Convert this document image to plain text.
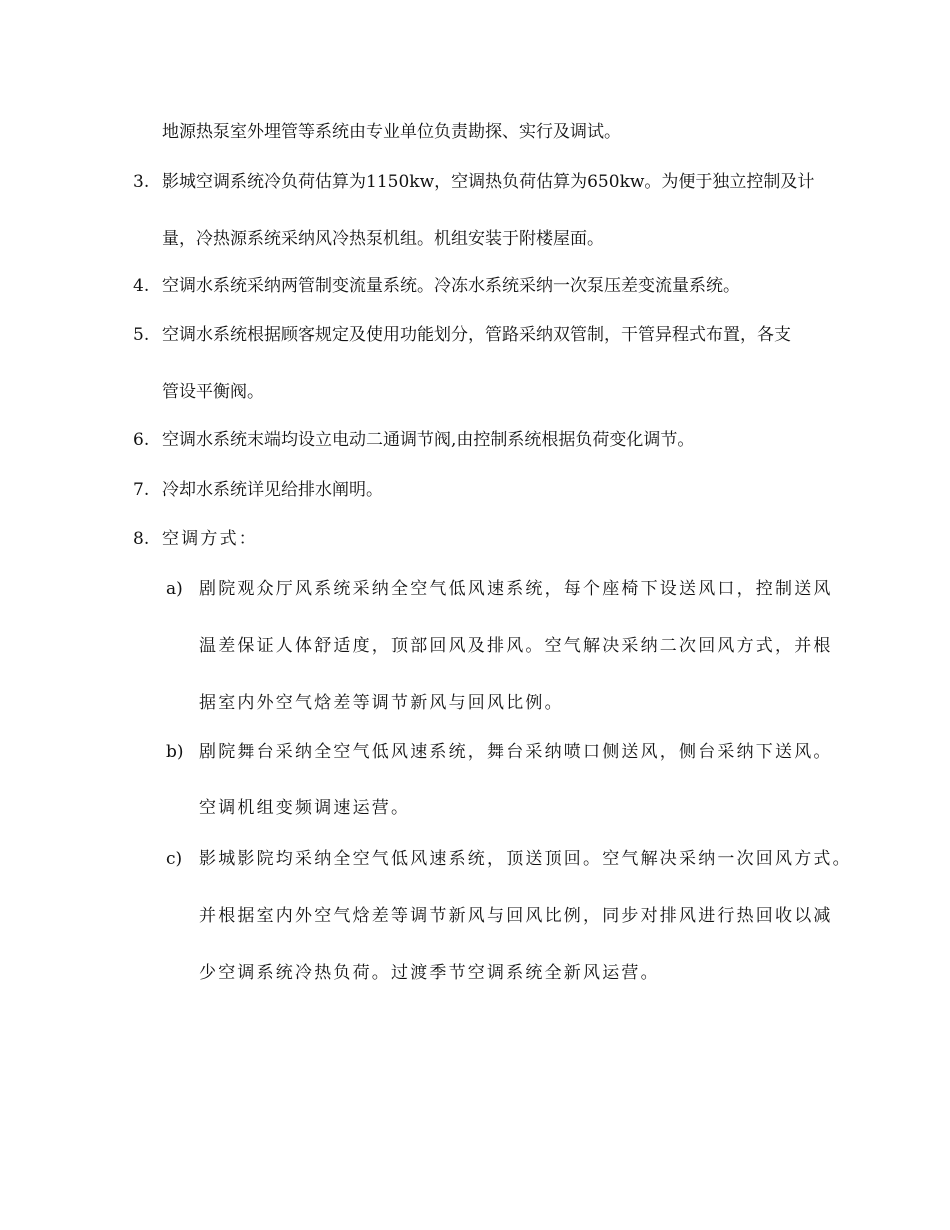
地源热泵室外埋管等系统由专业单位负责勘探、实行及调试。
3. 影城空调系统冷负荷估算为1150kw，空调热负荷估算为650kw。为便于独立控制及计
量，冷热源系统采纳风冷热泵机组。机组安装于附楼屋面。
4. 空调水系统采纳两管制变流量系统。冷冻水系统采纳一次泵压差变流量系统。
5. 空调水系统根据顾客规定及使用功能划分，管路采纳双管制，干管异程式布置，各支
管设平衡阀。
6. 空调水系统末端均设立电动二通调节阀,由控制系统根据负荷变化调节。
7. 冷却水系统详见给排水阐明。
8. 空调方式：
a) 剧院观众厅风系统采纳全空气低风速系统，每个座椅下设送风口，控制送风
温差保证人体舒适度，顶部回风及排风。空气解决采纳二次回风方式，并根
据室内外空气焓差等调节新风与回风比例。
b) 剧院舞台采纳全空气低风速系统，舞台采纳喷口侧送风，侧台采纳下送风。
空调机组变频调速运营。
c) 影城影院均采纳全空气低风速系统，顶送顶回。空气解决采纳一次回风方式。
并根据室内外空气焓差等调节新风与回风比例，同步对排风进行热回收以减
少空调系统冷热负荷。过渡季节空调系统全新风运营。
